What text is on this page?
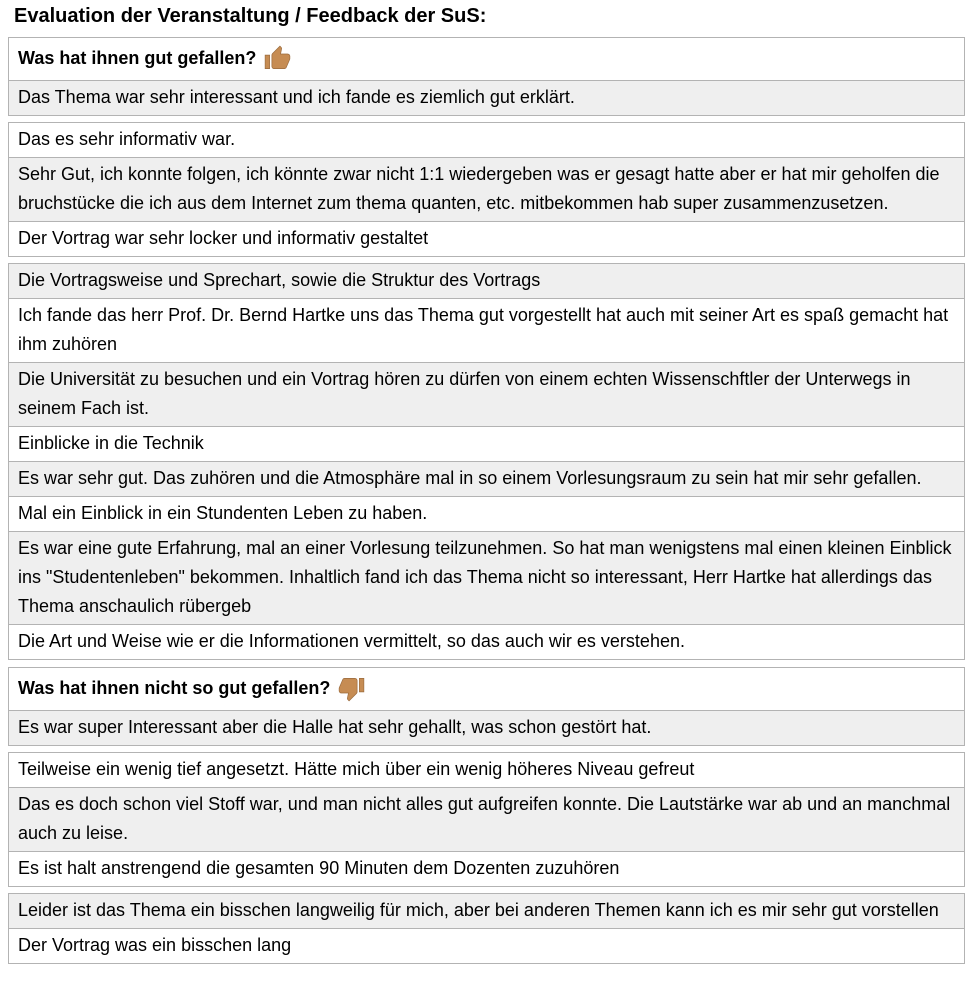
Evaluation der Veranstaltung / Feedback der SuS:
Was hat ihnen gut gefallen?
Das Thema war sehr interessant und ich fande es ziemlich gut erklärt.
Das es sehr informativ war.
Sehr Gut, ich konnte folgen, ich könnte zwar nicht 1:1 wiedergeben was er gesagt hatte aber er hat mir geholfen die bruchstücke die ich aus dem Internet zum thema quanten, etc. mitbekommen hab super zusammenzusetzen.
Der Vortrag war sehr locker und informativ gestaltet
Die Vortragsweise und Sprechart, sowie die Struktur des Vortrags
Ich fande das herr Prof. Dr. Bernd Hartke uns das Thema gut vorgestellt hat auch mit seiner Art es spaß gemacht hat ihm zuhören
Die Universität zu besuchen und ein Vortrag hören zu dürfen von einem echten Wissenschftler der Unterwegs in seinem Fach ist.
Einblicke in die Technik
Es war sehr gut. Das zuhören und die Atmosphäre mal in so einem Vorlesungsraum zu sein hat mir sehr gefallen.
Mal ein Einblick in ein Stundenten Leben zu haben.
Es war eine gute Erfahrung, mal an einer Vorlesung teilzunehmen. So hat man wenigstens mal einen kleinen Einblick ins "Studentenleben" bekommen. Inhaltlich fand ich das Thema nicht so interessant, Herr Hartke hat allerdings das Thema anschaulich rübergeb
Die Art und Weise wie er die Informationen vermittelt, so das auch wir es verstehen.
Was hat ihnen nicht so gut gefallen?
Es war super Interessant aber die Halle hat sehr gehallt, was schon gestört hat.
Teilweise ein wenig tief angesetzt. Hätte mich über ein wenig höheres Niveau gefreut
Das es doch schon viel Stoff war, und man nicht alles gut aufgreifen konnte. Die Lautstärke war ab und an manchmal auch zu leise.
Es ist halt anstrengend die gesamten 90 Minuten dem Dozenten zuzuhören
Leider ist das Thema ein bisschen langweilig für mich, aber bei anderen Themen kann ich es mir sehr gut vorstellen
Der Vortrag was ein bisschen lang
